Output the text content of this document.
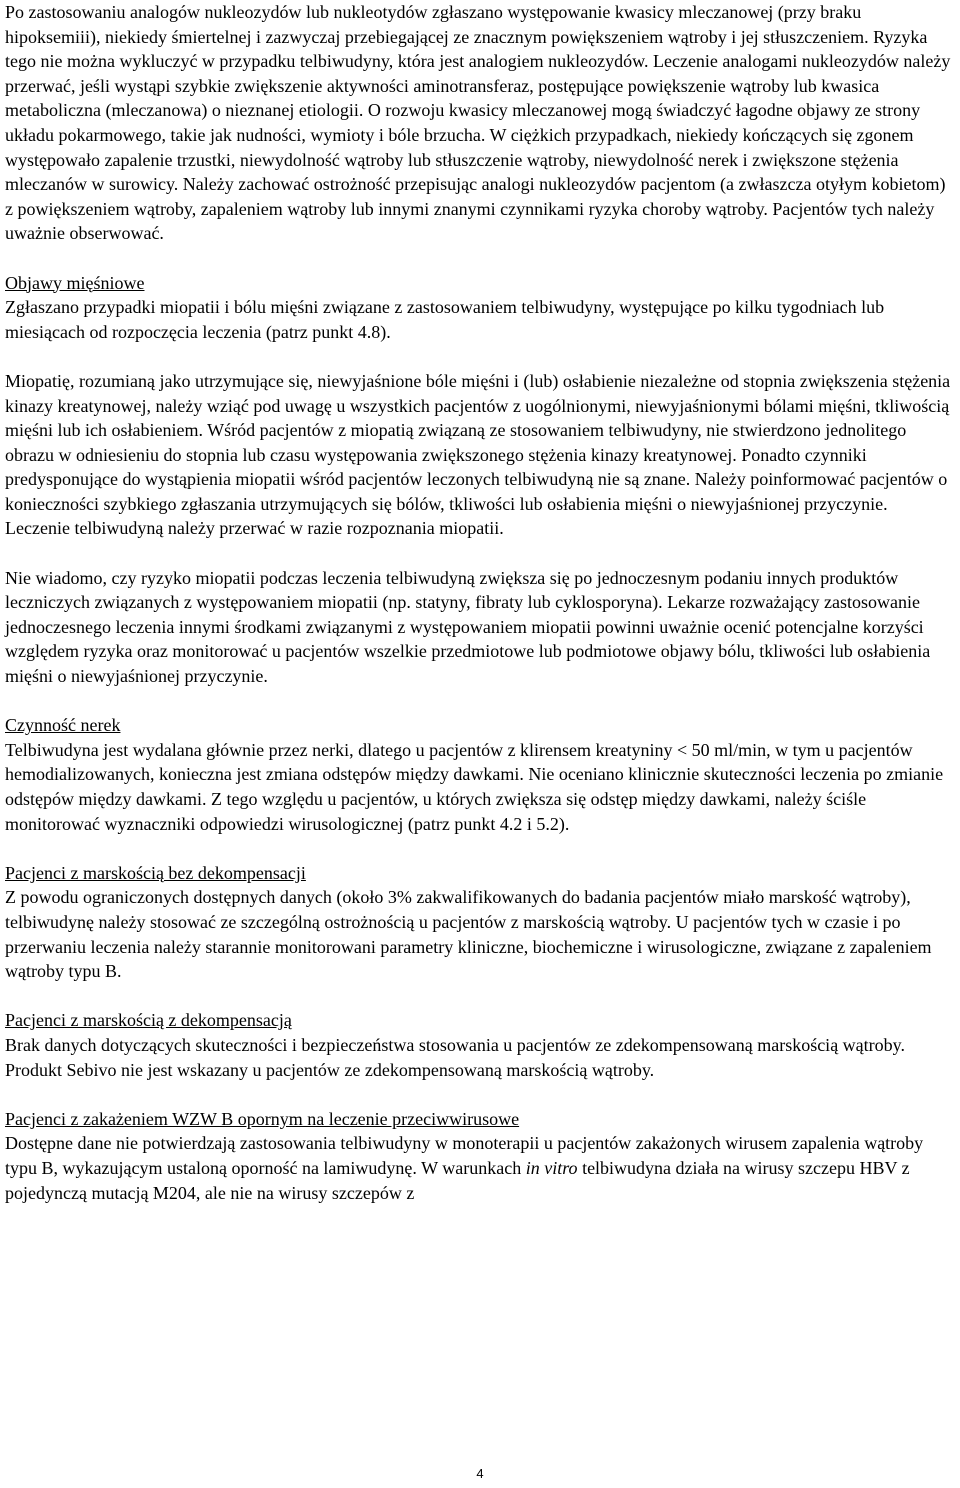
Po zastosowaniu analogów nukleozydów lub nukleotydów zgłaszano występowanie kwasicy mleczanowej (przy braku hipoksemiii), niekiedy śmiertelnej i zazwyczaj przebiegającej ze znacznym powiększeniem wątroby i jej stłuszczeniem. Ryzyka tego nie można wykluczyć w przypadku telbiwudyny, która jest analogiem nukleozydów. Leczenie analogami nukleozydów należy przerwać, jeśli wystąpi szybkie zwiększenie aktywności aminotransferaz, postępujące powiększenie wątroby lub kwasica metaboliczna (mleczanowa) o nieznanej etiologii. O rozwoju kwasicy mleczanowej mogą świadczyć łagodne objawy ze strony układu pokarmowego, takie jak nudności, wymioty i bóle brzucha. W ciężkich przypadkach, niekiedy kończących się zgonem występowało zapalenie trzustki, niewydolność wątroby lub stłuszczenie wątroby, niewydolność nerek i zwiększone stężenia mleczanów w surowicy. Należy zachować ostrożność przepisując analogi nukleozydów pacjentom (a zwłaszcza otyłym kobietom) z powiększeniem wątroby, zapaleniem wątroby lub innymi znanymi czynnikami ryzyka choroby wątroby. Pacjentów tych należy uważnie obserwować.

Objawy mięśniowe

Zgłaszano przypadki miopatii i bólu mięśni związane z zastosowaniem telbiwudyny, występujące po kilku tygodniach lub miesiącach od rozpoczęcia leczenia (patrz punkt 4.8).

Miopatię, rozumianą jako utrzymujące się, niewyjaśnione bóle mięśni i (lub) osłabienie niezależne od stopnia zwiększenia stężenia kinazy kreatynowej, należy wziąć pod uwagę u wszystkich pacjentów z uogólnionymi, niewyjaśnionymi bólami mięśni, tkliwością mięśni lub ich osłabieniem. Wśród pacjentów z miopatią związaną ze stosowaniem telbiwudyny, nie stwierdzono jednolitego obrazu w odniesieniu do stopnia lub czasu występowania zwiększonego stężenia kinazy kreatynowej. Ponadto czynniki predysponujące do wystąpienia miopatii wśród pacjentów leczonych telbiwudyną nie są znane. Należy poinformować pacjentów o konieczności szybkiego zgłaszania utrzymujących się bólów, tkliwości lub osłabienia mięśni o niewyjaśnionej przyczynie. Leczenie telbiwudyną należy przerwać w razie rozpoznania miopatii.

Nie wiadomo, czy ryzyko miopatii podczas leczenia telbiwudyną zwiększa się po jednoczesnym podaniu innych produktów leczniczych związanych z występowaniem miopatii (np. statyny, fibraty lub cyklosporyna). Lekarze rozważający zastosowanie jednoczesnego leczenia innymi środkami związanymi z występowaniem miopatii powinni uważnie ocenić potencjalne korzyści względem ryzyka oraz monitorować u pacjentów wszelkie przedmiotowe lub podmiotowe objawy bólu, tkliwości lub osłabienia mięśni o niewyjaśnionej przyczynie.

Czynność nerek

Telbiwudyna jest wydalana głównie przez nerki, dlatego u pacjentów z klirensem kreatyniny < 50 ml/min, w tym u pacjentów hemodializowanych, konieczna jest zmiana odstępów między dawkami. Nie oceniano klinicznie skuteczności leczenia po zmianie odstępów między dawkami. Z tego względu u pacjentów, u których zwiększa się odstęp między dawkami, należy ściśle monitorować wyznaczniki odpowiedzi wirusologicznej (patrz punkt 4.2 i 5.2).

Pacjenci z marskością bez dekompensacji

Z powodu ograniczonych dostępnych danych (około 3% zakwalifikowanych do badania pacjentów miało marskość wątroby), telbiwudynę należy stosować ze szczególną ostrożnością u pacjentów z marskością wątroby. U pacjentów tych w czasie i po przerwaniu leczenia należy starannie monitorowani parametry kliniczne, biochemiczne i wirusologiczne, związane z zapaleniem wątroby typu B.

Pacjenci z marskością z dekompensacją

Brak danych dotyczących skuteczności i bezpieczeństwa stosowania u pacjentów ze zdekompensowaną marskością wątroby. Produkt Sebivo nie jest wskazany u pacjentów ze zdekompensowaną marskością wątroby.

Pacjenci z zakażeniem WZW B opornym na leczenie przeciwwirusowe

Dostępne dane nie potwierdzają zastosowania telbiwudyny w monoterapii u pacjentów zakażonych wirusem zapalenia wątroby typu B, wykazującym ustaloną oporność na lamiwudynę. W warunkach in vitro telbiwudyna działa na wirusy szczepu HBV z pojedynczą mutacją M204, ale nie na wirusy szczepów z

4
